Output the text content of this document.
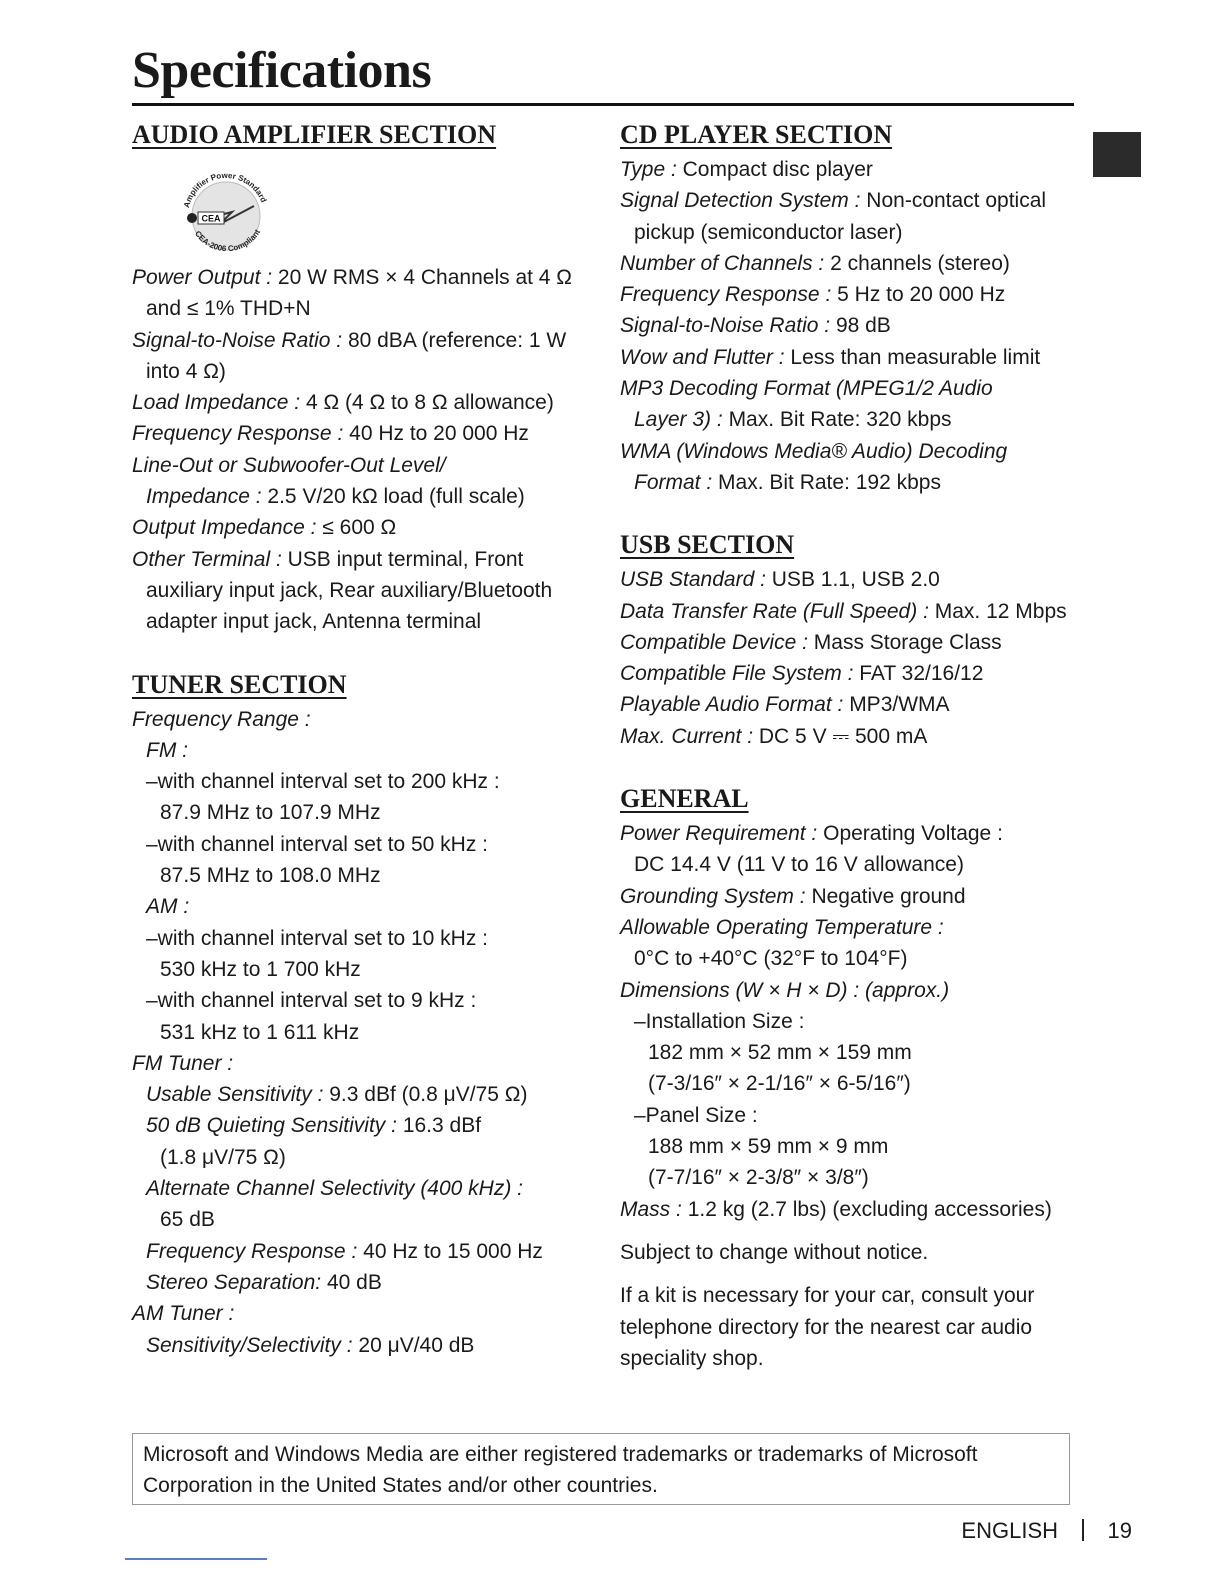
Specifications
AUDIO AMPLIFIER SECTION
Amplifier Power Standard
CEA-2006 Compliant
CEA
Power Output : 20 W RMS × 4 Channels at 4 Ω
and ≤ 1% THD+N
Signal-to-Noise Ratio : 80 dBA (reference: 1 W
into 4 Ω)
Load Impedance : 4 Ω (4 Ω to 8 Ω allowance)
Frequency Response : 40 Hz to 20 000 Hz
Line-Out or Subwoofer-Out Level/
Impedance : 2.5 V/20 kΩ load (full scale)
Output Impedance : ≤ 600 Ω
Other Terminal : USB input terminal, Front
auxiliary input jack, Rear auxiliary/Bluetooth
adapter input jack, Antenna terminal
TUNER SECTION
Frequency Range :
FM :
–with channel interval set to 200 kHz :
87.9 MHz to 107.9 MHz
–with channel interval set to 50 kHz :
87.5 MHz to 108.0 MHz
AM :
–with channel interval set to 10 kHz :
530 kHz to 1 700 kHz
–with channel interval set to 9 kHz :
531 kHz to 1 611 kHz
FM Tuner :
Usable Sensitivity : 9.3 dBf (0.8 μV/75 Ω)
50 dB Quieting Sensitivity : 16.3 dBf
(1.8 μV/75 Ω)
Alternate Channel Selectivity (400 kHz) :
65 dB
Frequency Response : 40 Hz to 15 000 Hz
Stereo Separation: 40 dB
AM Tuner :
Sensitivity/Selectivity : 20 μV/40 dB
CD PLAYER SECTION
Type : Compact disc player
Signal Detection System : Non-contact optical
pickup (semiconductor laser)
Number of Channels : 2 channels (stereo)
Frequency Response : 5 Hz to 20 000 Hz
Signal-to-Noise Ratio : 98 dB
Wow and Flutter : Less than measurable limit
MP3 Decoding Format (MPEG1/2 Audio
Layer 3) : Max. Bit Rate: 320 kbps
WMA (Windows Media® Audio) Decoding
Format : Max. Bit Rate: 192 kbps
USB SECTION
USB Standard : USB 1.1, USB 2.0
Data Transfer Rate (Full Speed) : Max. 12 Mbps
Compatible Device : Mass Storage Class
Compatible File System : FAT 32/16/12
Playable Audio Format : MP3/WMA
Max. Current : DC 5 V ⎓ 500 mA
GENERAL
Power Requirement : Operating Voltage :
DC 14.4 V (11 V to 16 V allowance)
Grounding System : Negative ground
Allowable Operating Temperature :
0°C to +40°C (32°F to 104°F)
Dimensions (W × H × D) : (approx.)
–Installation Size :
182 mm × 52 mm × 159 mm
(7-3/16″ × 2-1/16″ × 6-5/16″)
–Panel Size :
188 mm × 59 mm × 9 mm
(7-7/16″ × 2-3/8″ × 3/8″)
Mass : 1.2 kg (2.7 lbs) (excluding accessories)
Subject to change without notice.
If a kit is necessary for your car, consult your
telephone directory for the nearest car audio
speciality shop.
Microsoft and Windows Media are either registered trademarks or trademarks of Microsoft
Corporation in the United States and/or other countries.
ENGLISH 19
